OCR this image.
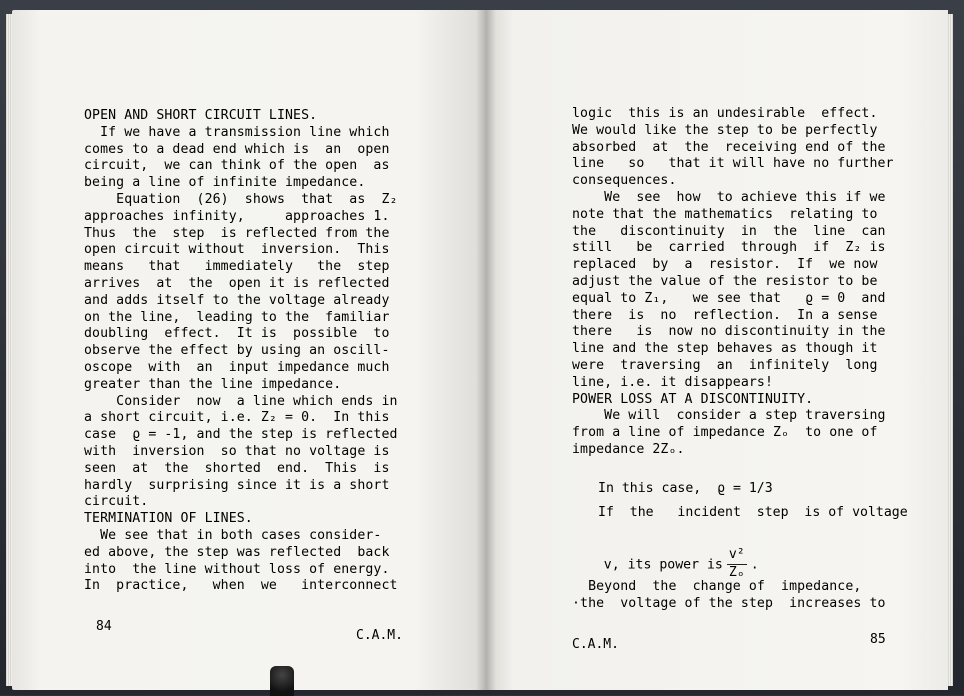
OPEN AND SHORT CIRCUIT LINES.
If we have a transmission line which
comes to a dead end which is  an  open
circuit,  we can think of the open  as
being a line of infinite impedance.
Equation  (26)  shows  that  as  Z₂
approaches infinity,     approaches 1.
Thus  the  step  is reflected from the
open circuit without  inversion.  This
means   that   immediately   the  step
arrives  at  the  open it is reflected
and adds itself to the voltage already
on the line,  leading to the  familiar
doubling  effect.  It is  possible  to
observe the effect by using an oscill-
oscope  with  an  input impedance much
greater than the line impedance.
Consider  now  a line which ends in
a short circuit, i.e. Z₂ = 0.  In this
case  ϱ = -1, and the step is reflected
with  inversion  so that no voltage is
seen  at  the  shorted  end.  This  is
hardly  surprising since it is a short
circuit.
TERMINATION OF LINES.
We see that in both cases consider-
ed above, the step was reflected  back
into  the line without loss of energy.
In  practice,   when  we   interconnect
logic  this is an undesirable  effect.
We would like the step to be perfectly
absorbed  at  the  receiving end of the
line   so   that it will have no further
consequences.
We  see  how  to achieve this if we
note that the mathematics  relating to
the   discontinuity  in  the  line  can
still   be  carried  through  if  Z₂ is
replaced  by  a  resistor.  If  we now
adjust the value of the resistor to be
equal to Z₁,   we see that   ϱ = 0  and
there  is  no  reflection.  In a sense
there   is  now no discontinuity in the
line and the step behaves as though it
were  traversing  an  infinitely  long
line, i.e. it disappears!
POWER LOSS AT A DISCONTINUITY.
We will  consider a step traversing
from a line of impedance Zₒ  to one of
impedance 2Zₒ.
In this case,  ϱ = 1/3
If  the   incident  step  is of voltage

v, its power is $\frac{\text{v²}}{\text{Zₒ}}$ .

Beyond  the  change of  impedance,
·the  voltage of the step  increases to
84
C.A.M.
C.A.M.	85
